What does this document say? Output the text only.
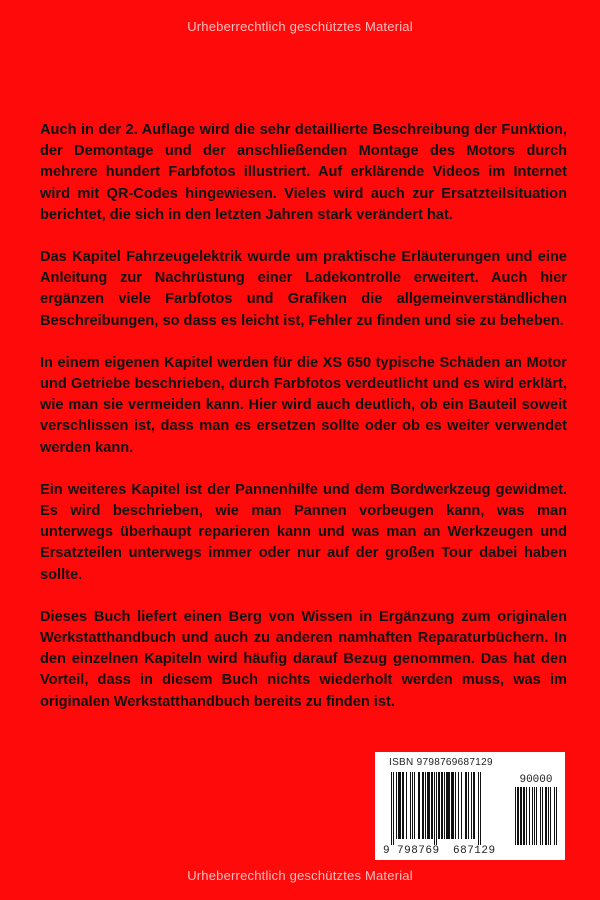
Urheberrechtlich geschütztes Material

Auch in der 2. Auflage wird die sehr detaillierte Beschreibung der Funktion, der Demontage und der anschließenden Montage des Motors durch mehrere hundert Farbfotos illustriert. Auf erklärende Videos im Internet wird mit QR-Codes hingewiesen. Vieles wird auch zur Ersatzteilsituation berichtet, die sich in den letzten Jahren stark verändert hat.

Das Kapitel Fahrzeugelektrik wurde um praktische Erläuterungen und eine Anleitung zur Nachrüstung einer Ladekontrolle erweitert. Auch hier ergänzen viele Farbfotos und Grafiken die allgemeinverständlichen Beschreibungen, so dass es leicht ist, Fehler zu finden und sie zu beheben.

In einem eigenen Kapitel werden für die XS 650 typische Schäden an Motor und Getriebe beschrieben, durch Farbfotos verdeutlicht und es wird erklärt, wie man sie vermeiden kann. Hier wird auch deutlich, ob ein Bauteil soweit verschlissen ist, dass man es ersetzen sollte oder ob es weiter verwendet werden kann.

Ein weiteres Kapitel ist der Pannenhilfe und dem Bordwerkzeug gewidmet. Es wird beschrieben, wie man Pannen vorbeugen kann, was man unterwegs überhaupt reparieren kann und was man an Werkzeugen und Ersatzteilen unterwegs immer oder nur auf der großen Tour dabei haben sollte.

Dieses Buch liefert einen Berg von Wissen in Ergänzung zum originalen Werkstatthandbuch und auch zu anderen namhaften Reparaturbüchern. In den einzelnen Kapiteln wird häufig darauf Bezug genommen. Das hat den Vorteil, dass in diesem Buch nichts wiederholt werden muss, was im originalen Werkstatthandbuch bereits zu finden ist.

ISBN 9798769687129
90000
9 798769 687129
Urheberrechtlich geschütztes Material
